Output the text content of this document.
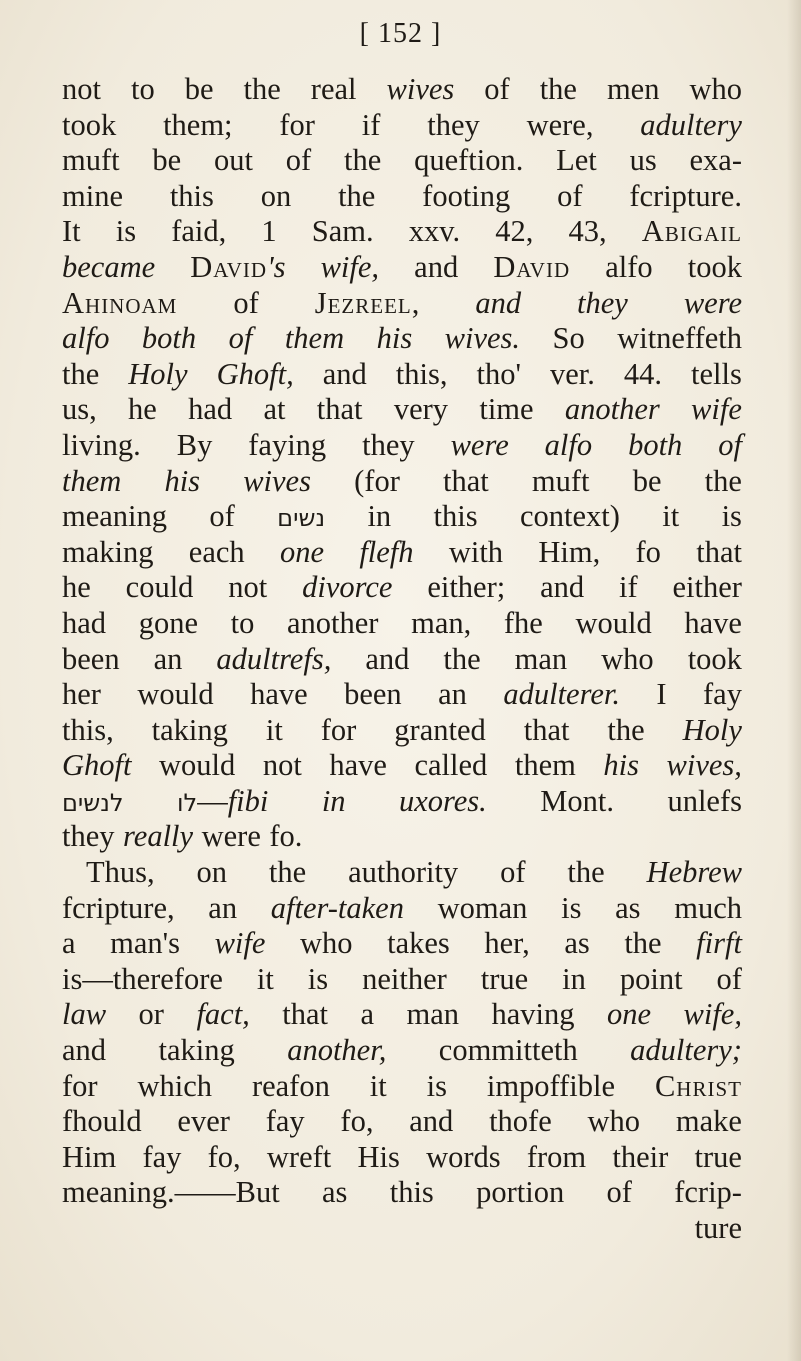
[ 152 ]
not to be the real wives of the men who
took them; for if they were, adultery
muft be out of the queftion. Let us exa-
mine this on the footing of fcripture.
It is faid, 1 Sam. xxv. 42, 43, Abigail
became David's wife, and David alfo took
Ahinoam of Jezreel, and they were
alfo both of them his wives. So witneffeth
the Holy Ghoft, and this, tho' ver. 44. tells
us, he had at that very time another wife
living. By faying they were alfo both of
them his wives (for that muft be the
meaning of נשים in this context) it is
making each one flefh with Him, fo that
he could not divorce either; and if either
had gone to another man, fhe would have
been an adultrefs, and the man who took
her would have been an adulterer. I fay
this, taking it for granted that the Holy
Ghoft would not have called them his wives,
לנשים לו—fibi in uxores. Mont. unlefs
they really were fo.
Thus, on the authority of the Hebrew
fcripture, an after-taken woman is as much
a man's wife who takes her, as the firft
is—therefore it is neither true in point of
law or fact, that a man having one wife,
and taking another, committeth adultery;
for which reafon it is impoffible Christ
fhould ever fay fo, and thofe who make
Him fay fo, wreft His words from their true
meaning.——But as this portion of fcrip-
ture
